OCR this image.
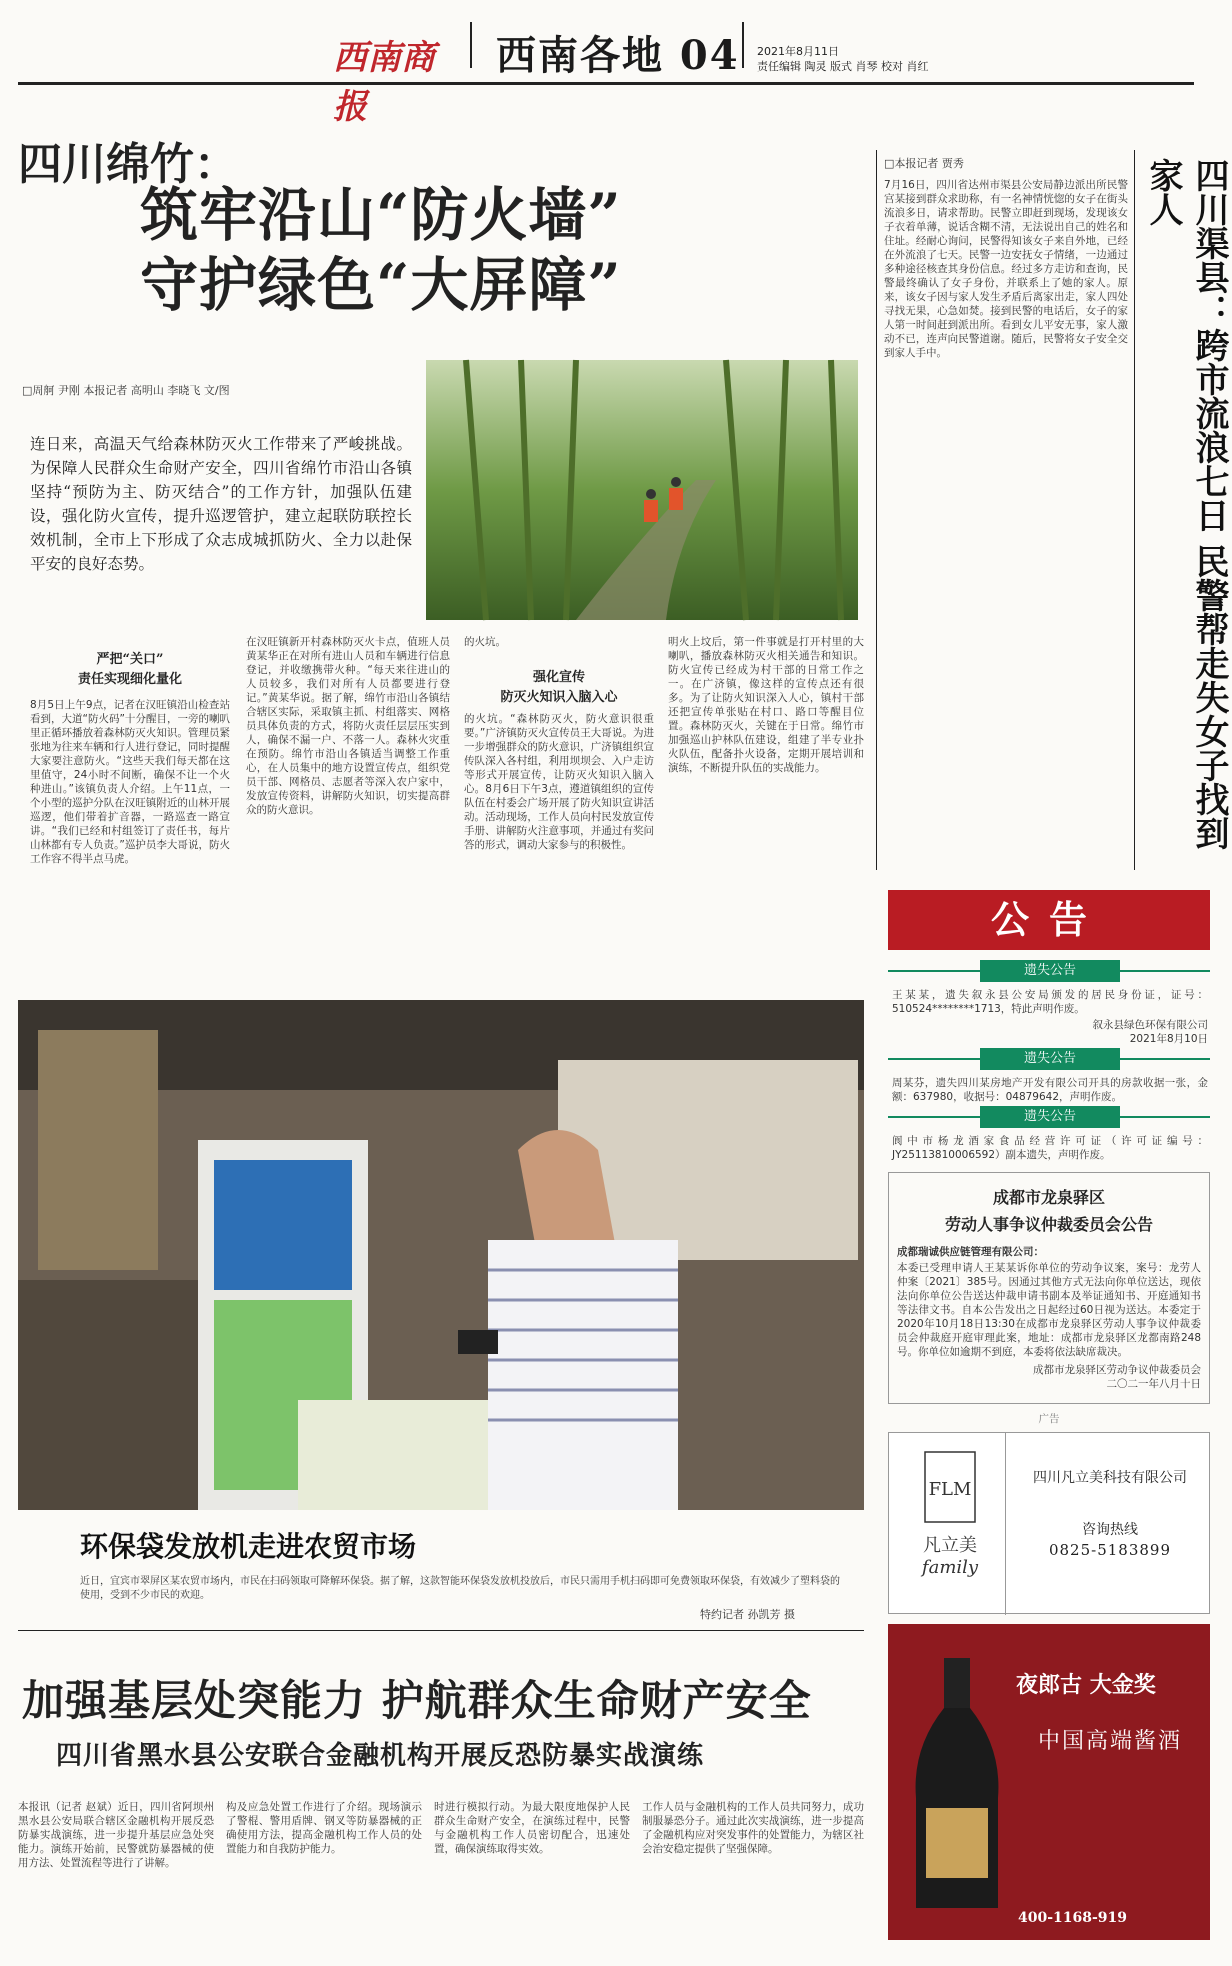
西南商报
西南各地 04 2021年8月11日
责任编辑 陶灵 版式 肖琴 校对 肖红
四川绵竹：
筑牢沿山“防火墙”
守护绿色“大屏障”
□周舸 尹刚 本报记者 高明山 李晓飞 文/图
连日来，高温天气给森林防灭火工作带来了严峻挑战。为保障人民群众生命财产安全，四川省绵竹市沿山各镇坚持“预防为主、防灭结合”的工作方针，加强队伍建设，强化防火宣传，提升巡逻管护，建立起联防联控长效机制，全市上下形成了众志成城抓防火、全力以赴保平安的良好态势。
严把“关口”
责任实现细化量化
8月5日上午9点，记者在汉旺镇沿山检查站看到，大道“防火码”十分醒目，一旁的喇叭里正循环播放着森林防灭火知识。管理员紧张地为往来车辆和行人进行登记，同时提醒大家要注意防火。“这些天我们每天都在这里值守，24小时不间断，确保不让一个火种进山。”该镇负责人介绍。上午11点，一个小型的巡护分队在汉旺镇附近的山林开展巡逻，他们带着扩音器，一路巡查一路宣讲。“我们已经和村组签订了责任书，每片山林都有专人负责。”巡护员李大哥说，防火工作容不得半点马虎。
在汉旺镇新开村森林防灭火卡点，值班人员黄某华正在对所有进山人员和车辆进行信息登记，并收缴携带火种。“每天来往进山的人员较多，我们对所有人员都要进行登记。”黄某华说。据了解，绵竹市沿山各镇结合辖区实际，采取镇主抓、村组落实、网格员具体负责的方式，将防火责任层层压实到人，确保不漏一户、不落一人。森林火灾重在预防。绵竹市沿山各镇适当调整工作重心，在人员集中的地方设置宣传点，组织党员干部、网格员、志愿者等深入农户家中，发放宣传资料，讲解防火知识，切实提高群众的防火意识。
的火坑。
强化宣传
防灭火知识入脑入心
的火坑。“森林防灭火，防火意识很重要。”广济镇防灭火宣传员王大哥说。为进一步增强群众的防火意识，广济镇组织宣传队深入各村组，利用坝坝会、入户走访等形式开展宣传，让防灭火知识入脑入心。8月6日下午3点，遵道镇组织的宣传队伍在村委会广场开展了防火知识宣讲活动。活动现场，工作人员向村民发放宣传手册、讲解防火注意事项，并通过有奖问答的形式，调动大家参与的积极性。
明火上坟后，第一件事就是打开村里的大喇叭，播放森林防灭火相关通告和知识。防火宣传已经成为村干部的日常工作之一。在广济镇，像这样的宣传点还有很多。为了让防火知识深入人心，镇村干部还把宣传单张贴在村口、路口等醒目位置。森林防灭火，关键在于日常。绵竹市加强巡山护林队伍建设，组建了半专业扑火队伍，配备扑火设备，定期开展培训和演练，不断提升队伍的实战能力。
环保袋发放机走进农贸市场
近日，宜宾市翠屏区某农贸市场内，市民在扫码领取可降解环保袋。据了解，这款智能环保袋发放机投放后，市民只需用手机扫码即可免费领取环保袋，有效减少了塑料袋的使用，受到不少市民的欢迎。
特约记者 孙凯芳 摄
加强基层处突能力 护航群众生命财产安全
四川省黑水县公安联合金融机构开展反恐防暴实战演练
本报讯（记者 赵斌）近日，四川省阿坝州黑水县公安局联合辖区金融机构开展反恐防暴实战演练，进一步提升基层应急处突能力。演练开始前，民警就防暴器械的使用方法、处置流程等进行了讲解。
构及应急处置工作进行了介绍。现场演示了警棍、警用盾牌、钢叉等防暴器械的正确使用方法，提高金融机构工作人员的处置能力和自我防护能力。
时进行模拟行动。为最大限度地保护人民群众生命财产安全，在演练过程中，民警与金融机构工作人员密切配合，迅速处置，确保演练取得实效。
工作人员与金融机构的工作人员共同努力，成功制服暴恐分子。通过此次实战演练，进一步提高了金融机构应对突发事件的处置能力，为辖区社会治安稳定提供了坚强保障。
□本报记者 贾秀
7月16日，四川省达州市渠县公安局静边派出所民警宫某接到群众求助称，有一名神情恍惚的女子在街头流浪多日，请求帮助。民警立即赶到现场，发现该女子衣着单薄，说话含糊不清，无法说出自己的姓名和住址。经耐心询问，民警得知该女子来自外地，已经在外流浪了七天。民警一边安抚女子情绪，一边通过多种途径核查其身份信息。经过多方走访和查询，民警最终确认了女子身份，并联系上了她的家人。原来，该女子因与家人发生矛盾后离家出走，家人四处寻找无果，心急如焚。接到民警的电话后，女子的家人第一时间赶到派出所。看到女儿平安无事，家人激动不已，连声向民警道谢。随后，民警将女子安全交到家人手中。	四川渠县：跨市流浪七日 民警帮走失女子找到家人
公告
遗失公告
王某某，遗失叙永县公安局颁发的居民身份证，证号：510524********1713，特此声明作废。
叙永县绿色环保有限公司
2021年8月10日
遗失公告
周某芬，遗失四川某房地产开发有限公司开具的房款收据一张，金额：637980，收据号：04879642，声明作废。
遗失公告
阆中市杨龙酒家食品经营许可证（许可证编号：JY25113810006592）副本遗失，声明作废。
成都市龙泉驿区
劳动人事争议仲裁委员会公告
成都瑞诚供应链管理有限公司：
本委已受理申请人王某某诉你单位的劳动争议案，案号：龙劳人仲案〔2021〕385号。因通过其他方式无法向你单位送达，现依法向你单位公告送达仲裁申请书副本及举证通知书、开庭通知书等法律文书。自本公告发出之日起经过60日视为送达。本委定于2020年10月18日13:30在成都市龙泉驿区劳动人事争议仲裁委员会仲裁庭开庭审理此案，地址：成都市龙泉驿区龙都南路248号。你单位如逾期不到庭，本委将依法缺席裁决。
成都市龙泉驿区劳动争议仲裁委员会
二〇二一年八月十日
广告
FLM
凡立美
family
四川凡立美科技有限公司
咨询热线
0825-5183899
夜郎古 大金奖
中国高端酱酒
400-1168-919
